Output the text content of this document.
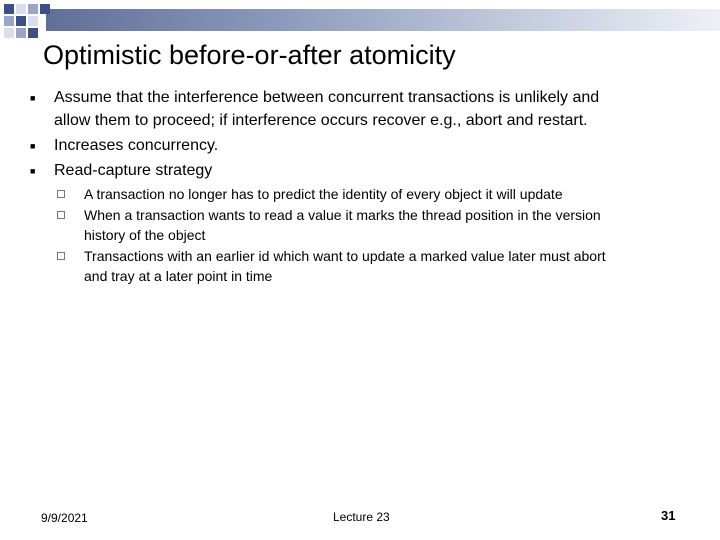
Optimistic before-or-after atomicity
■ Assume that the interference between concurrent transactions is unlikely and
allow them to proceed; if interference occurs recover e.g., abort and restart.
■ Increases concurrency.
■ Read-capture strategy
A transaction no longer has to predict the identity of every object it will update
When a transaction wants to read a value it marks the thread position in the version
history of the object
Transactions with an earlier id which want to update a marked value later must abort
and tray at a later point in time
9/9/2021	Lecture 23	31
